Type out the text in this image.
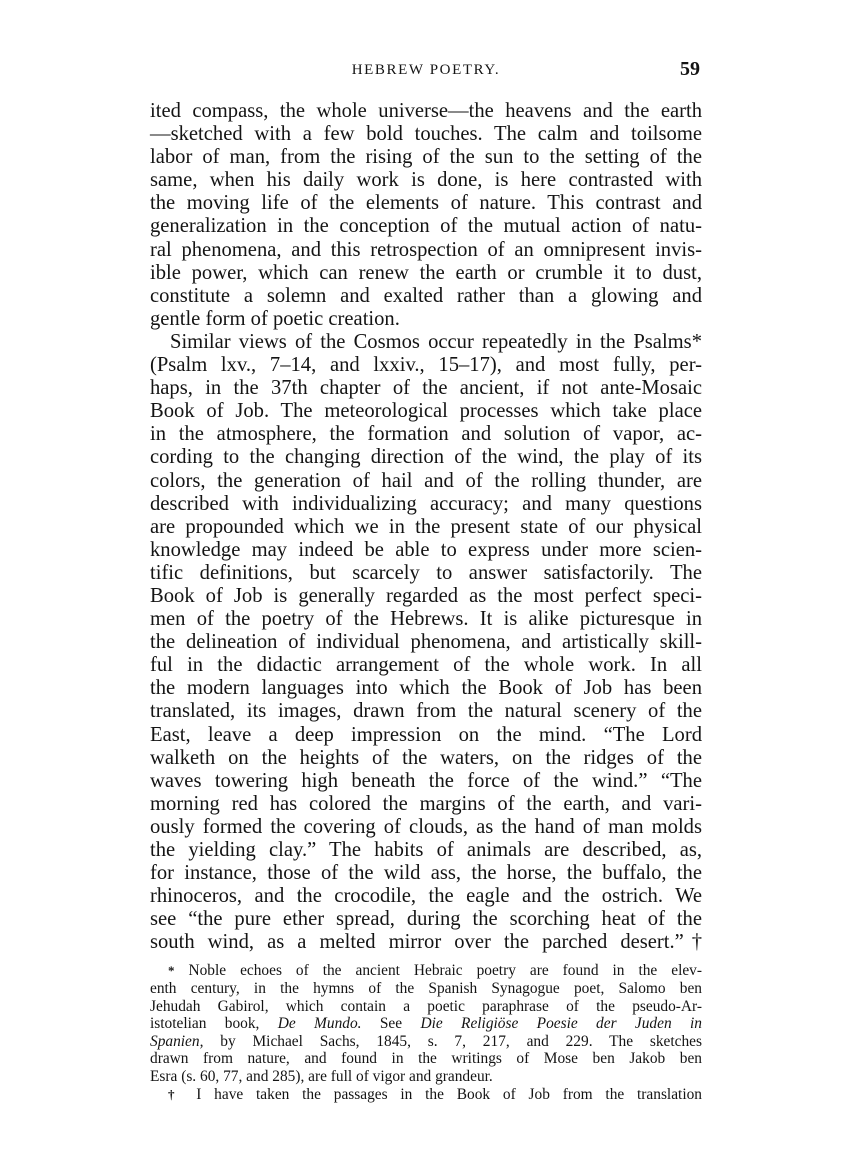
HEBREW POETRY.	59
ited compass, the whole universe—the heavens and the earth
—sketched with a few bold touches. The calm and toilsome
labor of man, from the rising of the sun to the setting of the
same, when his daily work is done, is here contrasted with
the moving life of the elements of nature. This contrast and
generalization in the conception of the mutual action of natu-
ral phenomena, and this retrospection of an omnipresent invis-
ible power, which can renew the earth or crumble it to dust,
constitute a solemn and exalted rather than a glowing and
gentle form of poetic creation.
Similar views of the Cosmos occur repeatedly in the Psalms*
(Psalm lxv., 7–14, and lxxiv., 15–17), and most fully, per-
haps, in the 37th chapter of the ancient, if not ante-Mosaic
Book of Job. The meteorological processes which take place
in the atmosphere, the formation and solution of vapor, ac-
cording to the changing direction of the wind, the play of its
colors, the generation of hail and of the rolling thunder, are
described with individualizing accuracy; and many questions
are propounded which we in the present state of our physical
knowledge may indeed be able to express under more scien-
tific definitions, but scarcely to answer satisfactorily. The
Book of Job is generally regarded as the most perfect speci-
men of the poetry of the Hebrews. It is alike picturesque in
the delineation of individual phenomena, and artistically skill-
ful in the didactic arrangement of the whole work. In all
the modern languages into which the Book of Job has been
translated, its images, drawn from the natural scenery of the
East, leave a deep impression on the mind. “The Lord
walketh on the heights of the waters, on the ridges of the
waves towering high beneath the force of the wind.” “The
morning red has colored the margins of the earth, and vari-
ously formed the covering of clouds, as the hand of man molds
the yielding clay.” The habits of animals are described, as,
for instance, those of the wild ass, the horse, the buffalo, the
rhinoceros, and the crocodile, the eagle and the ostrich. We
see “the pure ether spread, during the scorching heat of the
south wind, as a melted mirror over the parched desert.”†
* Noble echoes of the ancient Hebraic poetry are found in the elev-
enth century, in the hymns of the Spanish Synagogue poet, Salomo ben
Jehudah Gabirol, which contain a poetic paraphrase of the pseudo-Ar-
istotelian book, De Mundo. See Die Religiöse Poesie der Juden in
Spanien, by Michael Sachs, 1845, s. 7, 217, and 229. The sketches
drawn from nature, and found in the writings of Mose ben Jakob ben
Esra (s. 60, 77, and 285), are full of vigor and grandeur.
† I have taken the passages in the Book of Job from the translation
